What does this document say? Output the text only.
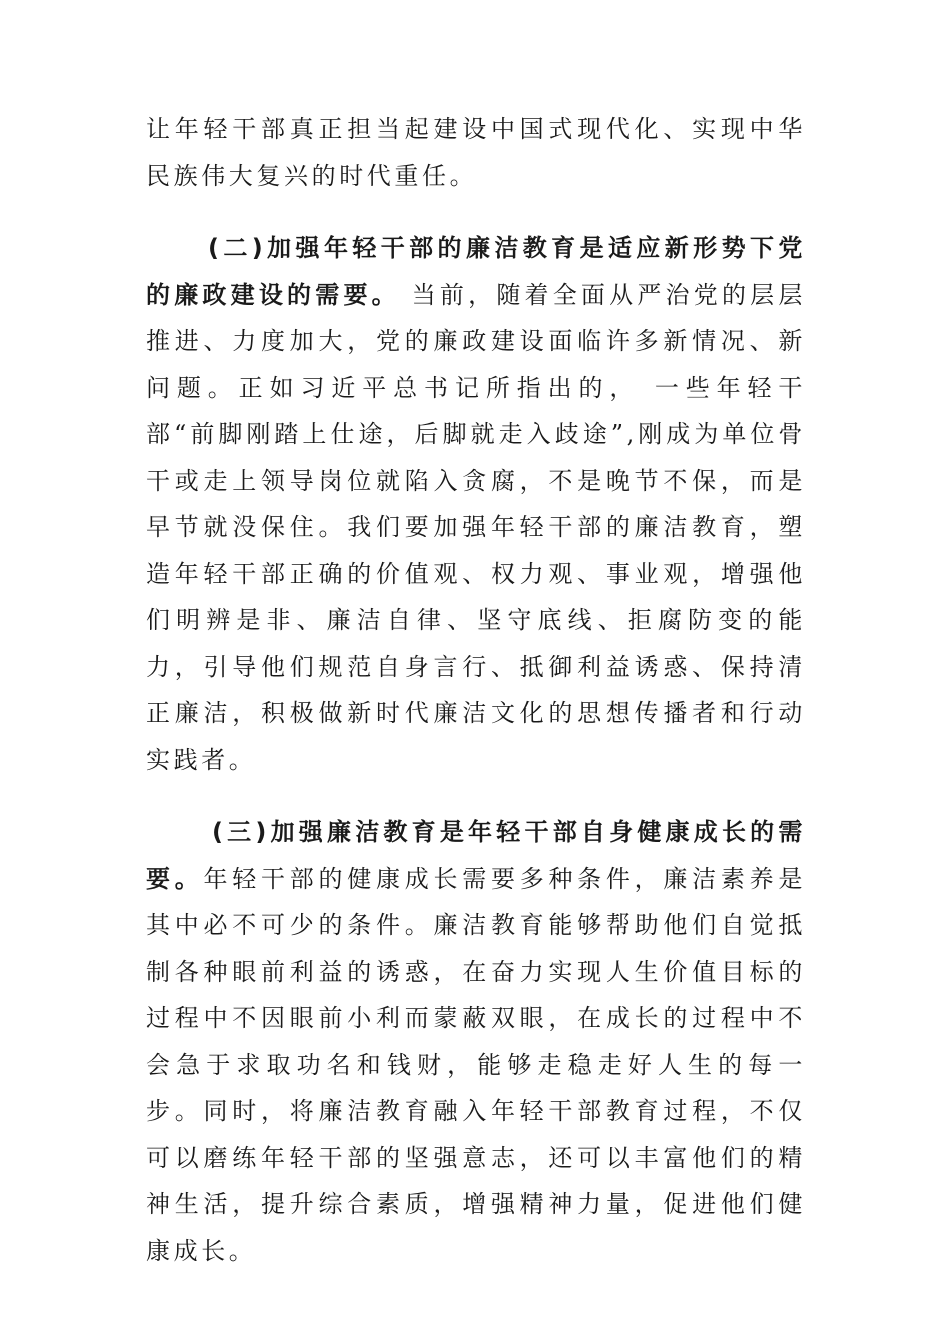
让年轻干部真正担当起建设中国式现代化、实现中华民族伟大复兴的时代重任。

(二)加强年轻干部的廉洁教育是适应新形势下党的廉政建设的需要。 当前，随着全面从严治党的层层推进、力度加大，党的廉政建设面临许多新情况、新问题。正如习近平总书记所指出的， 一些年轻干部“前脚刚踏上仕途，后脚就走入歧途”,刚成为单位骨干或走上领导岗位就陷入贪腐，不是晚节不保，而是早节就没保住。我们要加强年轻干部的廉洁教育，塑造年轻干部正确的价值观、权力观、事业观，增强他们明辨是非、廉洁自律、坚守底线、拒腐防变的能力，引导他们规范自身言行、抵御利益诱惑、保持清正廉洁，积极做新时代廉洁文化的思想传播者和行动实践者。

(三)加强廉洁教育是年轻干部自身健康成长的需要。年轻干部的健康成长需要多种条件，廉洁素养是其中必不可少的条件。廉洁教育能够帮助他们自觉抵制各种眼前利益的诱惑，在奋力实现人生价值目标的过程中不因眼前小利而蒙蔽双眼，在成长的过程中不会急于求取功名和钱财，能够走稳走好人生的每一步。同时，将廉洁教育融入年轻干部教育过程，不仅可以磨练年轻干部的坚强意志，还可以丰富他们的精神生活，提升综合素质，增强精神力量，促进他们健康成长。
